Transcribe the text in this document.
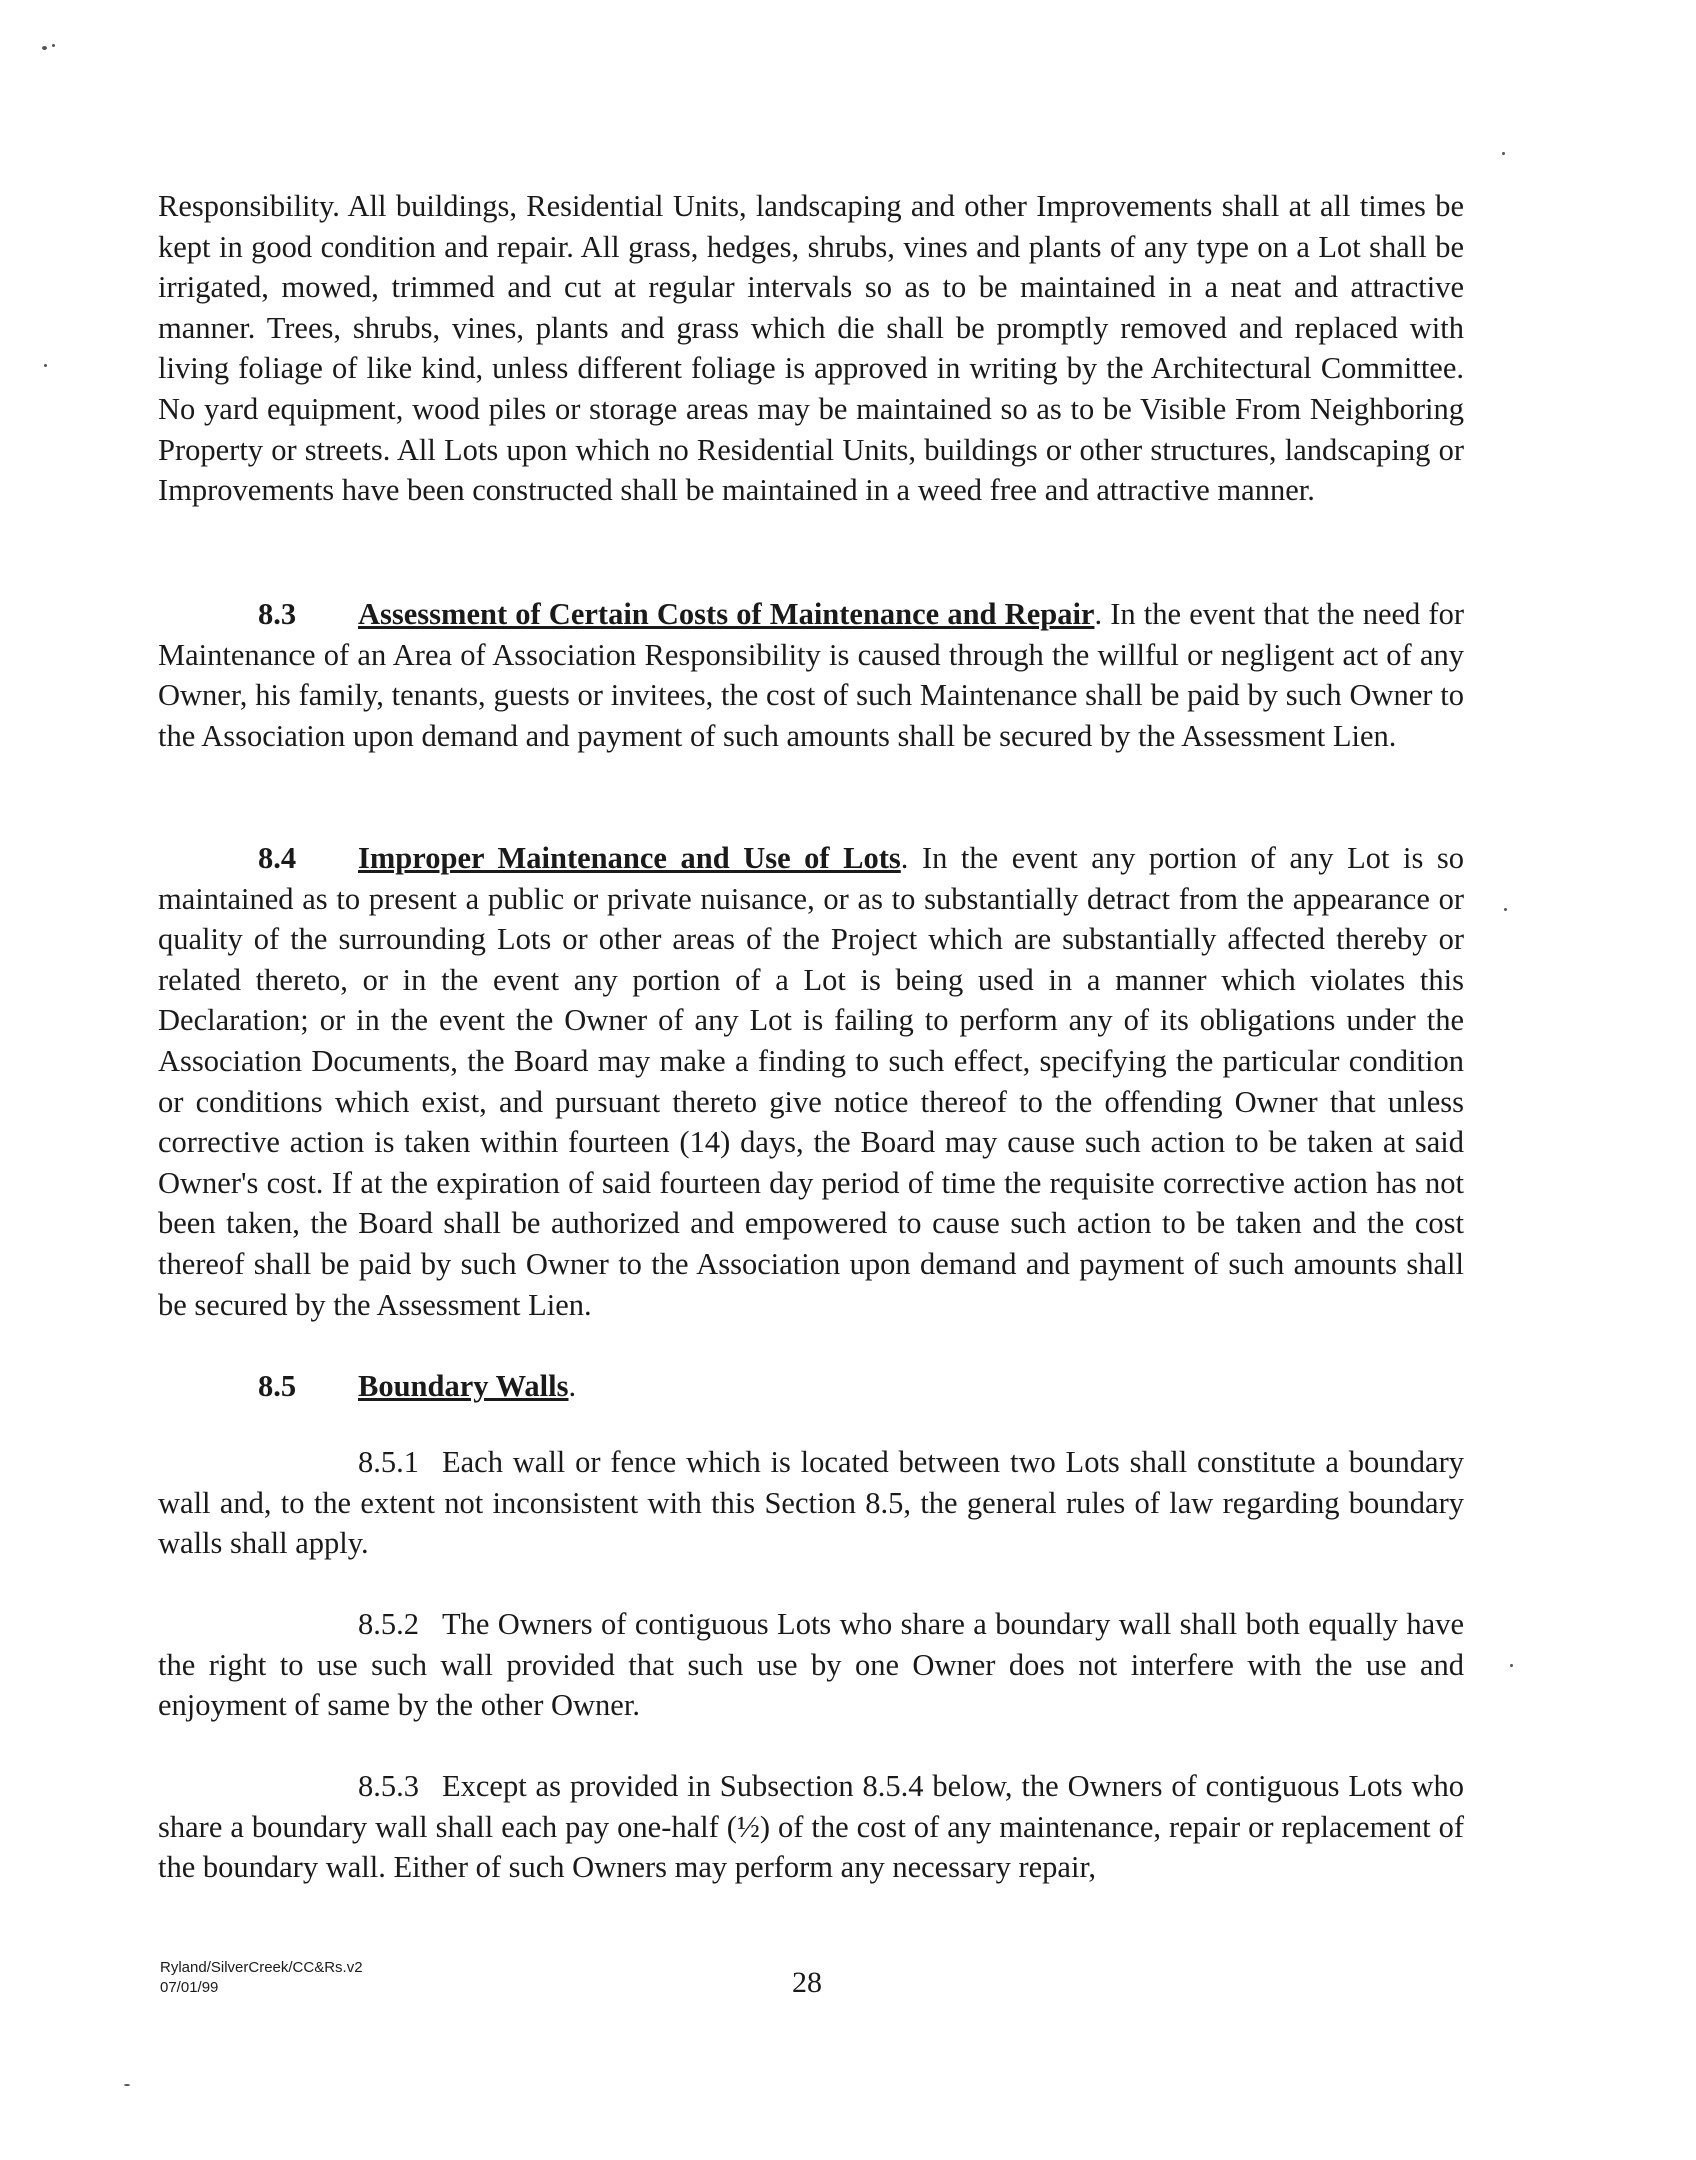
Responsibility. All buildings, Residential Units, landscaping and other Improvements shall at all times be kept in good condition and repair. All grass, hedges, shrubs, vines and plants of any type on a Lot shall be irrigated, mowed, trimmed and cut at regular intervals so as to be maintained in a neat and attractive manner. Trees, shrubs, vines, plants and grass which die shall be promptly removed and replaced with living foliage of like kind, unless different foliage is approved in writing by the Architectural Committee. No yard equipment, wood piles or storage areas may be maintained so as to be Visible From Neighboring Property or streets. All Lots upon which no Residential Units, buildings or other structures, landscaping or Improvements have been constructed shall be maintained in a weed free and attractive manner.

8.3 Assessment of Certain Costs of Maintenance and Repair. In the event that the need for Maintenance of an Area of Association Responsibility is caused through the willful or negligent act of any Owner, his family, tenants, guests or invitees, the cost of such Maintenance shall be paid by such Owner to the Association upon demand and payment of such amounts shall be secured by the Assessment Lien.

8.4 Improper Maintenance and Use of Lots. In the event any portion of any Lot is so maintained as to present a public or private nuisance, or as to substantially detract from the appearance or quality of the surrounding Lots or other areas of the Project which are substantially affected thereby or related thereto, or in the event any portion of a Lot is being used in a manner which violates this Declaration; or in the event the Owner of any Lot is failing to perform any of its obligations under the Association Documents, the Board may make a finding to such effect, specifying the particular condition or conditions which exist, and pursuant thereto give notice thereof to the offending Owner that unless corrective action is taken within fourteen (14) days, the Board may cause such action to be taken at said Owner's cost. If at the expiration of said fourteen day period of time the requisite corrective action has not been taken, the Board shall be authorized and empowered to cause such action to be taken and the cost thereof shall be paid by such Owner to the Association upon demand and payment of such amounts shall be secured by the Assessment Lien.

8.5 Boundary Walls.

8.5.1 Each wall or fence which is located between two Lots shall constitute a boundary wall and, to the extent not inconsistent with this Section 8.5, the general rules of law regarding boundary walls shall apply.

8.5.2 The Owners of contiguous Lots who share a boundary wall shall both equally have the right to use such wall provided that such use by one Owner does not interfere with the use and enjoyment of same by the other Owner.

8.5.3 Except as provided in Subsection 8.5.4 below, the Owners of contiguous Lots who share a boundary wall shall each pay one-half (½) of the cost of any maintenance, repair or replacement of the boundary wall. Either of such Owners may perform any necessary repair,

Ryland/SilverCreek/CC&Rs.v2
07/01/99	28
